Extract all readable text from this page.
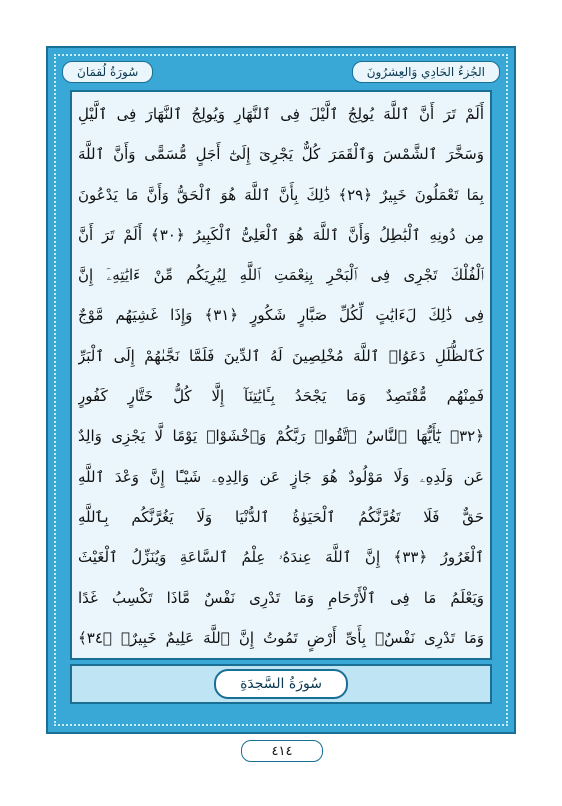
سُورَةُ لُقمَانَ	الجُزءُ الحَادِي وَالعِشرُونَ
أَلَمْ تَرَ أَنَّ ٱللَّهَ يُولِجُ ٱلَّيْلَ فِى ٱلنَّهَارِ وَيُولِجُ ٱلنَّهَارَ فِى ٱلَّيْلِ
وَسَخَّرَ ٱلشَّمْسَ وَٱلْقَمَرَ كُلٌّ يَجْرِىٓ إِلَىٰٓ أَجَلٍ مُّسَمًّى وَأَنَّ ٱللَّهَ
بِمَا تَعْمَلُونَ خَبِيرٌ ﴿٢٩﴾ ذَٰلِكَ بِأَنَّ ٱللَّهَ هُوَ ٱلْحَقُّ وَأَنَّ مَا يَدْعُونَ
مِن دُونِهِ ٱلْبَٰطِلُ وَأَنَّ ٱللَّهَ هُوَ ٱلْعَلِىُّ ٱلْكَبِيرُ ﴿٣٠﴾ أَلَمْ تَرَ أَنَّ
ٱلْفُلْكَ تَجْرِى فِى ٱلْبَحْرِ بِنِعْمَتِ ٱللَّهِ لِيُرِيَكُم مِّنْ ءَايَٰتِهِۦٓ إِنَّ
فِى ذَٰلِكَ لَءَايَٰتٍ لِّكُلِّ صَبَّارٍ شَكُورٍ ﴿٣١﴾ وَإِذَا غَشِيَهُم مَّوْجٌ
كَٱلظُّلَلِ دَعَوُا۟ ٱللَّهَ مُخْلِصِينَ لَهُ ٱلدِّينَ فَلَمَّا نَجَّىٰهُمْ إِلَى ٱلْبَرِّ
فَمِنْهُم مُّقْتَصِدٌ وَمَا يَجْحَدُ بِـَٔايَٰتِنَآ إِلَّا كُلُّ خَتَّارٍ كَفُورٍ
﴿٣٢﴾ يَٰٓأَيُّهَا ٱلنَّاسُ ٱتَّقُوا۟ رَبَّكُمْ وَٱخْشَوْا۟ يَوْمًا لَّا يَجْزِى وَالِدٌ
عَن وَلَدِهِۦ وَلَا مَوْلُودٌ هُوَ جَازٍ عَن وَالِدِهِۦ شَيْـًٔا إِنَّ وَعْدَ ٱللَّهِ
حَقٌّ فَلَا تَغُرَّنَّكُمُ ٱلْحَيَوٰةُ ٱلدُّنْيَا وَلَا يَغُرَّنَّكُم بِٱللَّهِ
ٱلْغَرُورُ ﴿٣٣﴾ إِنَّ ٱللَّهَ عِندَهُۥ عِلْمُ ٱلسَّاعَةِ وَيُنَزِّلُ ٱلْغَيْثَ
وَيَعْلَمُ مَا فِى ٱلْأَرْحَامِ وَمَا تَدْرِى نَفْسٌ مَّاذَا تَكْسِبُ غَدًا
وَمَا تَدْرِى نَفْسٌۢ بِأَىِّ أَرْضٍ تَمُوتُ إِنَّ ٱللَّهَ عَلِيمٌ خَبِيرٌۢ ﴿٣٤﴾
سُورَةُ السَّجدَةِ
٤١٤
